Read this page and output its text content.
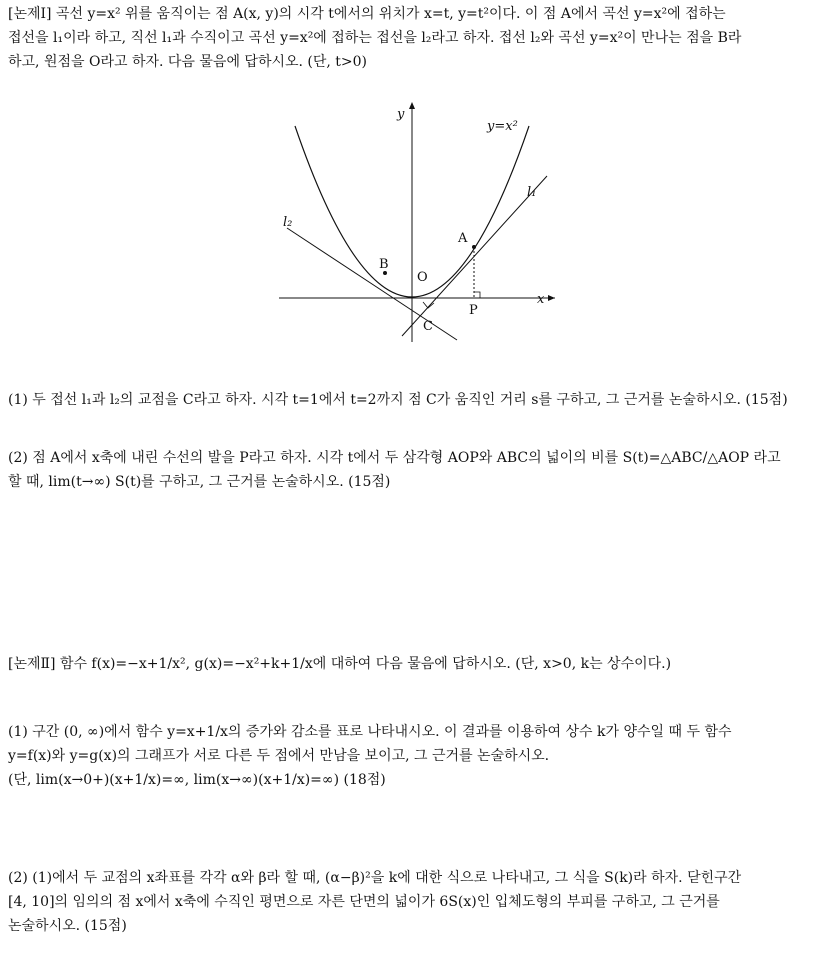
[논제Ⅰ] 곡선 y=x² 위를 움직이는 점 A(x, y)의 시각 t에서의 위치가 x=t, y=t²이다. 이 점 A에서 곡선 y=x²에 접하는
접선을 l₁이라 하고, 직선 l₁과 수직이고 곡선 y=x²에 접하는 접선을 l₂라고 하자. 접선 l₂와 곡선 y=x²이 만나는 점을 B라
하고, 원점을 O라고 하자. 다음 물음에 답하시오. (단, t>0)
y
x
y=x²
l₁
l₂
A
B
O
P
C
(1) 두 접선 l₁과 l₂의 교점을 C라고 하자. 시각 t=1에서 t=2까지 점 C가 움직인 거리 s를 구하고, 그 근거를 논술하시오. (15점)
(2) 점 A에서 x축에 내린 수선의 발을 P라고 하자. 시각 t에서 두 삼각형 AOP와 ABC의 넓이의 비를 S(t)=△ABC/△AOP 라고
할 때, lim(t→∞) S(t)를 구하고, 그 근거를 논술하시오. (15점)
[논제Ⅱ] 함수 f(x)=−x+1/x², g(x)=−x²+k+1/x에 대하여 다음 물음에 답하시오. (단, x>0, k는 상수이다.)
(1) 구간 (0, ∞)에서 함수 y=x+1/x의 증가와 감소를 표로 나타내시오. 이 결과를 이용하여 상수 k가 양수일 때 두 함수
y=f(x)와 y=g(x)의 그래프가 서로 다른 두 점에서 만남을 보이고, 그 근거를 논술하시오.
(단, lim(x→0+)(x+1/x)=∞, lim(x→∞)(x+1/x)=∞) (18점)
(2) (1)에서 두 교점의 x좌표를 각각 α와 β라 할 때, (α−β)²을 k에 대한 식으로 나타내고, 그 식을 S(k)라 하자. 닫힌구간
[4, 10]의 임의의 점 x에서 x축에 수직인 평면으로 자른 단면의 넓이가 6S(x)인 입체도형의 부피를 구하고, 그 근거를
논술하시오. (15점)
